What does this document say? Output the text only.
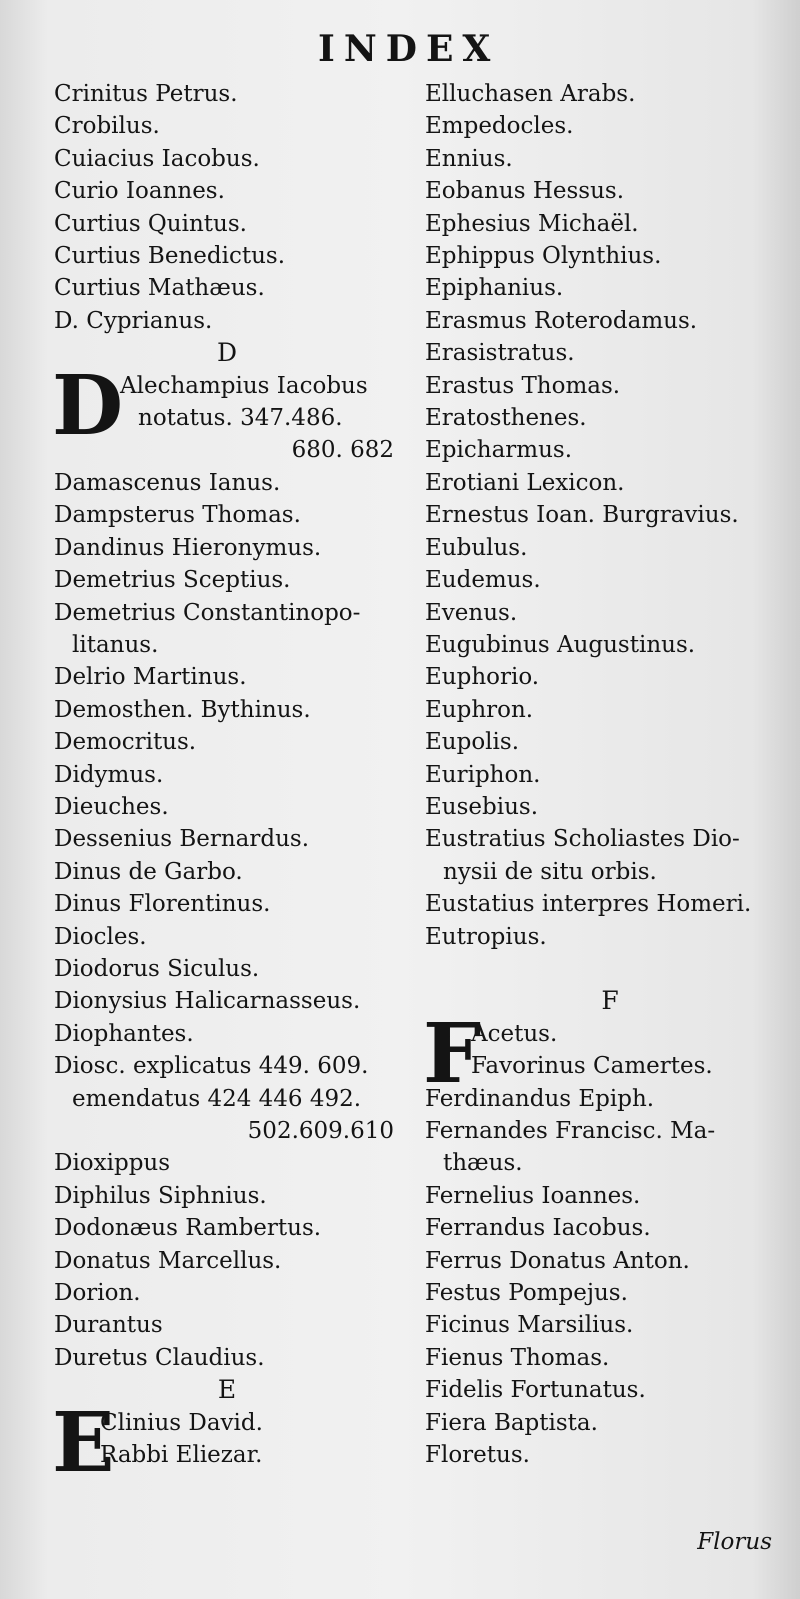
INDEX
Crinitus Petrus.
Crobilus.
Cuiacius Iacobus.
Curio Ioannes.
Curtius Quintus.
Curtius Benedictus.
Curtius Mathæus.
D. Cyprianus.
D
D
Alechampius Iacobus
notatus. 347.486.
680. 682
Damascenus Ianus.
Dampsterus Thomas.
Dandinus Hieronymus.
Demetrius Sceptius.
Demetrius Constantinopo-
litanus.
Delrio Martinus.
Demosthen. Bythinus.
Democritus.
Didymus.
Dieuches.
Dessenius Bernardus.
Dinus de Garbo.
Dinus Florentinus.
Diocles.
Diodorus Siculus.
Dionysius Halicarnasseus.
Diophantes.
Diosc. explicatus 449. 609.
emendatus 424 446 492.
502.609.610
Dioxippus
Diphilus Siphnius.
Dodonæus Rambertus.
Donatus Marcellus.
Dorion.
Durantus
Duretus Claudius.
E
E
Clinius David.
Rabbi Eliezar.
Elluchasen Arabs.
Empedocles.
Ennius.
Eobanus Hessus.
Ephesius Michaël.
Ephippus Olynthius.
Epiphanius.
Erasmus Roterodamus.
Erasistratus.
Erastus Thomas.
Eratosthenes.
Epicharmus.
Erotiani Lexicon.
Ernestus Ioan. Burgravius.
Eubulus.
Eudemus.
Evenus.
Eugubinus Augustinus.
Euphorio.
Euphron.
Eupolis.
Euriphon.
Eusebius.
Eustratius Scholiastes Dio-
nysii de situ orbis.
Eustatius interpres Homeri.
Eutropius.

F
F
Acetus.
Favorinus Camertes.
Ferdinandus Epiph.
Fernandes Francisc. Ma-
thæus.
Fernelius Ioannes.
Ferrandus Iacobus.
Ferrus Donatus Anton.
Festus Pompejus.
Ficinus Marsilius.
Fienus Thomas.
Fidelis Fortunatus.
Fiera Baptista.
Floretus.
Florus
